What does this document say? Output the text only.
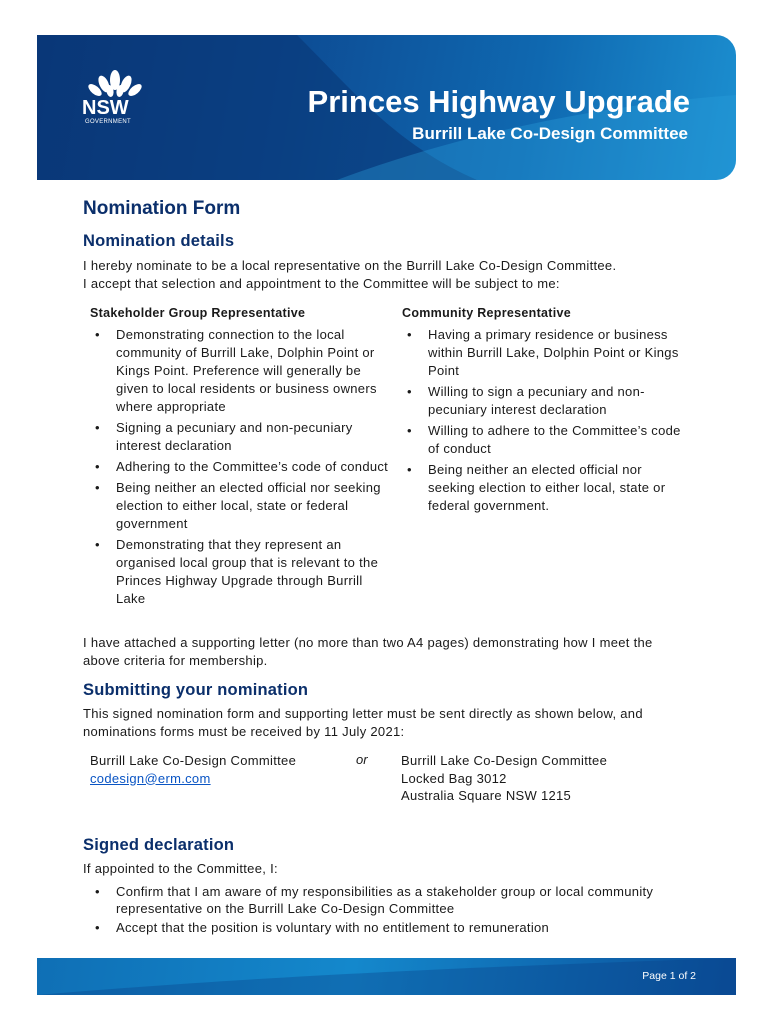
NSW
GOVERNMENT
Princes Highway Upgrade
Burrill Lake Co-Design Committee
Nomination Form
Nomination details
I hereby nominate to be a local representative on the Burrill Lake Co-Design Committee.
I accept that selection and appointment to the Committee will be subject to me:
Stakeholder Group Representative	Community Representative
• Demonstrating connection to the local community of Burrill Lake, Dolphin Point or Kings Point. Preference will generally be given to local residents or business owners where appropriate
• Signing a pecuniary and non-pecuniary interest declaration
• Adhering to the Committee’s code of conduct
• Being neither an elected official nor seeking election to either local, state or federal government
• Demonstrating that they represent an organised local group that is relevant to the Princes Highway Upgrade through Burrill Lake
• Having a primary residence or business within Burrill Lake, Dolphin Point or Kings Point
• Willing to sign a pecuniary and non-pecuniary interest declaration
• Willing to adhere to the Committee’s code of conduct
• Being neither an elected official nor seeking election to either local, state or federal government.
I have attached a supporting letter (no more than two A4 pages) demonstrating how I meet the above criteria for membership.
Submitting your nomination
This signed nomination form and supporting letter must be sent directly as shown below, and nominations forms must be received by 11 July 2021:
Burrill Lake Co-Design Committee
codesign@erm.com
or	Burrill Lake Co-Design Committee
Locked Bag 3012
Australia Square NSW 1215
Signed declaration
If appointed to the Committee, I:
• Confirm that I am aware of my responsibilities as a stakeholder group or local community representative on the Burrill Lake Co-Design Committee
• Accept that the position is voluntary with no entitlement to remuneration
Page 1 of 2
